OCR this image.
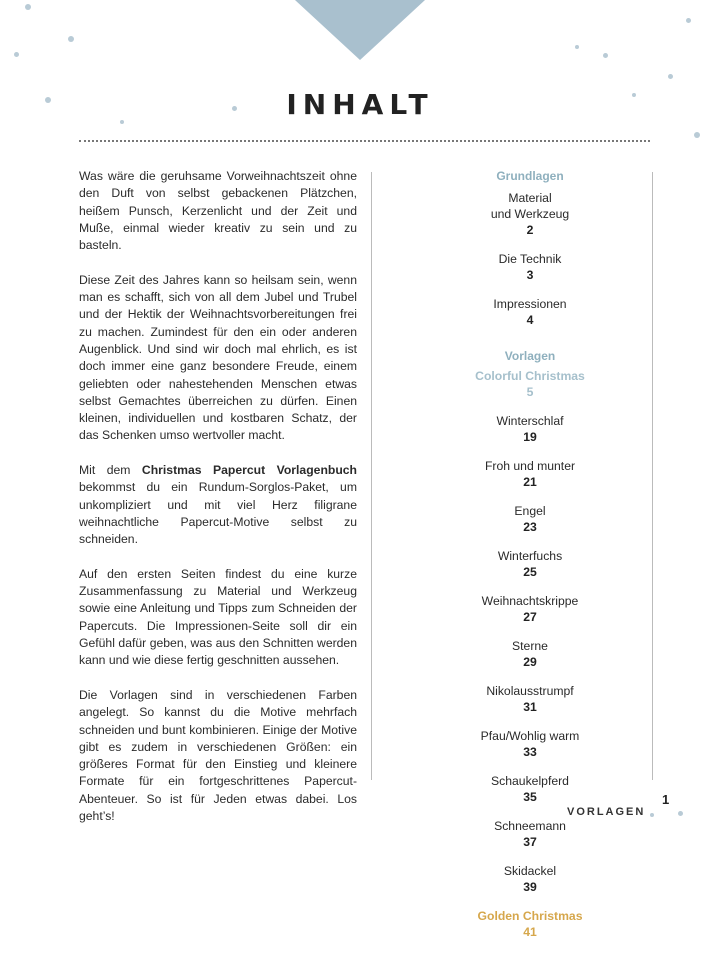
INHALT

Was wäre die geruhsame Vorweihnachtszeit ohne den Duft von selbst gebackenen Plätzchen, heißem Punsch, Kerzenlicht und der Zeit und Muße, einmal wieder kreativ zu sein und zu basteln.

Diese Zeit des Jahres kann so heilsam sein, wenn man es schafft, sich von all dem Jubel und Trubel und der Hektik der Weihnachtsvorbereitungen frei zu machen. Zumindest für den ein oder anderen Augenblick. Und sind wir doch mal ehrlich, es ist doch immer eine ganz besondere Freude, einem geliebten oder nahestehenden Menschen etwas selbst Gemachtes überreichen zu dürfen. Einen kleinen, individuellen und kostbaren Schatz, der das Schenken umso wertvoller macht.

Mit dem Christmas Papercut Vorlagenbuch bekommst du ein Rundum-Sorglos-Paket, um unkompliziert und mit viel Herz filigrane weihnachtliche Papercut-Motive selbst zu schneiden.

Auf den ersten Seiten findest du eine kurze Zusammenfassung zu Material und Werkzeug sowie eine Anleitung und Tipps zum Schneiden der Papercuts. Die Impressionen-Seite soll dir ein Gefühl dafür geben, was aus den Schnitten werden kann und wie diese fertig geschnitten aussehen.

Die Vorlagen sind in verschiedenen Farben angelegt. So kannst du die Motive mehrfach schneiden und bunt kombinieren. Einige der Motive gibt es zudem in verschiedenen Größen: ein größeres Format für den Einstieg und kleinere Formate für ein fortgeschrittenes Papercut-Abenteuer. So ist für Jeden etwas dabei. Los geht’s!

Grundlagen
Material
und Werkzeug
2
Die Technik
3
Impressionen
4
Vorlagen
Colorful Christmas
5
Winterschlaf
19
Froh und munter
21
Engel
23
Winterfuchs
25
Weihnachtskrippe
27
Sterne
29
Nikolausstrumpf
31
Pfau/Wohlig warm
33
Schaukelpferd
35
Schneemann
37
Skidackel
39
Golden Christmas
41
VORLAGEN
1
